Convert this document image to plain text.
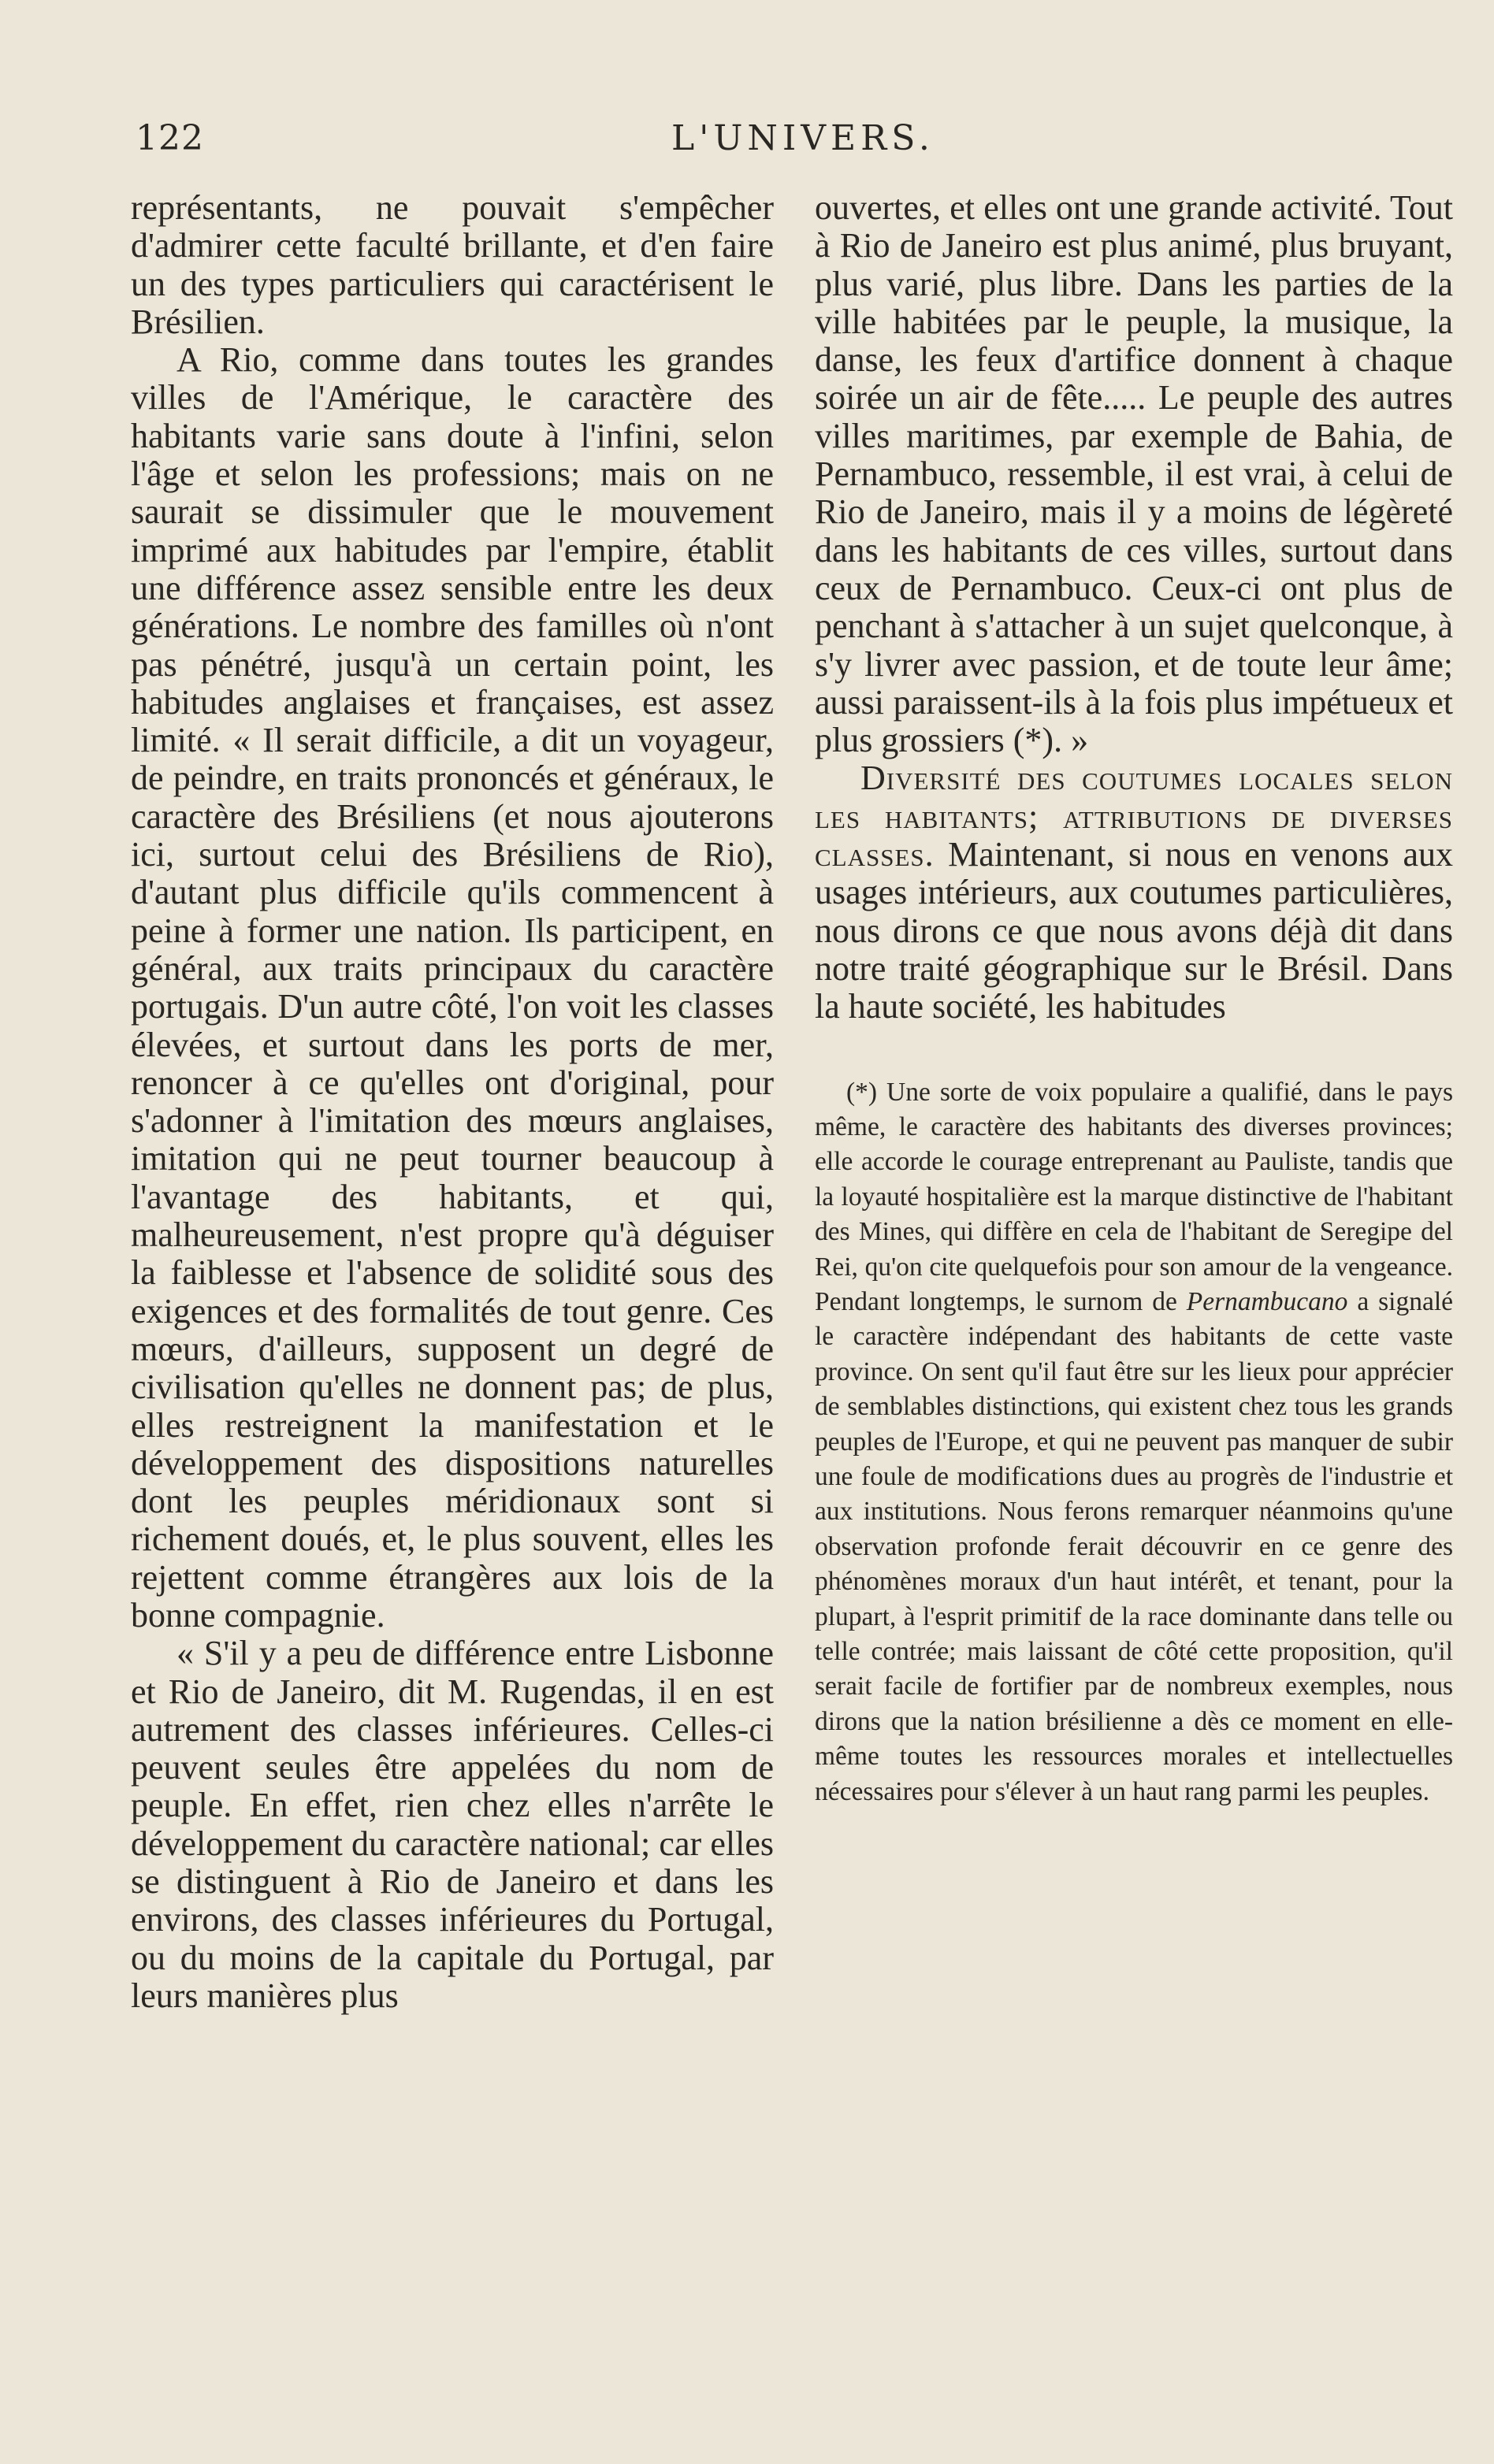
122	L'UNIVERS.

représentants, ne pouvait s'empêcher d'admirer cette faculté brillante, et d'en faire un des types particuliers qui caractérisent le Brésilien.

A Rio, comme dans toutes les grandes villes de l'Amérique, le caractère des habitants varie sans doute à l'infini, selon l'âge et selon les professions; mais on ne saurait se dissimuler que le mouvement imprimé aux habitudes par l'empire, établit une différence assez sensible entre les deux générations. Le nombre des familles où n'ont pas pénétré, jusqu'à un certain point, les habitudes anglaises et françaises, est assez limité. « Il serait difficile, a dit un voyageur, de peindre, en traits prononcés et généraux, le caractère des Brésiliens (et nous ajouterons ici, surtout celui des Brésiliens de Rio), d'autant plus difficile qu'ils commencent à peine à former une nation. Ils participent, en général, aux traits principaux du caractère portugais. D'un autre côté, l'on voit les classes élevées, et surtout dans les ports de mer, renoncer à ce qu'elles ont d'original, pour s'adonner à l'imitation des mœurs anglaises, imitation qui ne peut tourner beaucoup à l'avantage des habitants, et qui, malheureusement, n'est propre qu'à déguiser la faiblesse et l'absence de solidité sous des exigences et des formalités de tout genre. Ces mœurs, d'ailleurs, supposent un degré de civilisation qu'elles ne donnent pas; de plus, elles restreignent la manifestation et le développement des dispositions naturelles dont les peuples méridionaux sont si richement doués, et, le plus souvent, elles les rejettent comme étrangères aux lois de la bonne compagnie.

« S'il y a peu de différence entre Lisbonne et Rio de Janeiro, dit M. Rugendas, il en est autrement des classes inférieures. Celles-ci peuvent seules être appelées du nom de peuple. En effet, rien chez elles n'arrête le développement du caractère national; car elles se distinguent à Rio de Janeiro et dans les environs, des classes inférieures du Portugal, ou du moins de la capitale du Portugal, par leurs manières plus

ouvertes, et elles ont une grande activité. Tout à Rio de Janeiro est plus animé, plus bruyant, plus varié, plus libre. Dans les parties de la ville habitées par le peuple, la musique, la danse, les feux d'artifice donnent à chaque soirée un air de fête..... Le peuple des autres villes maritimes, par exemple de Bahia, de Pernambuco, ressemble, il est vrai, à celui de Rio de Janeiro, mais il y a moins de légèreté dans les habitants de ces villes, surtout dans ceux de Pernambuco. Ceux-ci ont plus de penchant à s'attacher à un sujet quelconque, à s'y livrer avec passion, et de toute leur âme; aussi paraissent-ils à la fois plus impétueux et plus grossiers (*). »

Diversité des coutumes locales selon les habitants; attributions de diverses classes. Maintenant, si nous en venons aux usages intérieurs, aux coutumes particulières, nous dirons ce que nous avons déjà dit dans notre traité géographique sur le Brésil. Dans la haute société, les habitudes

(*) Une sorte de voix populaire a qualifié, dans le pays même, le caractère des habitants des diverses provinces; elle accorde le courage entreprenant au Pauliste, tandis que la loyauté hospitalière est la marque distinctive de l'habitant des Mines, qui diffère en cela de l'habitant de Seregipe del Rei, qu'on cite quelquefois pour son amour de la vengeance. Pendant longtemps, le surnom de Pernambucano a signalé le caractère indépendant des habitants de cette vaste province. On sent qu'il faut être sur les lieux pour apprécier de semblables distinctions, qui existent chez tous les grands peuples de l'Europe, et qui ne peuvent pas manquer de subir une foule de modifications dues au progrès de l'industrie et aux institutions. Nous ferons remarquer néanmoins qu'une observation profonde ferait découvrir en ce genre des phénomènes moraux d'un haut intérêt, et tenant, pour la plupart, à l'esprit primitif de la race dominante dans telle ou telle contrée; mais laissant de côté cette proposition, qu'il serait facile de fortifier par de nombreux exemples, nous dirons que la nation brésilienne a dès ce moment en elle-même toutes les ressources morales et intellectuelles nécessaires pour s'élever à un haut rang parmi les peuples.
